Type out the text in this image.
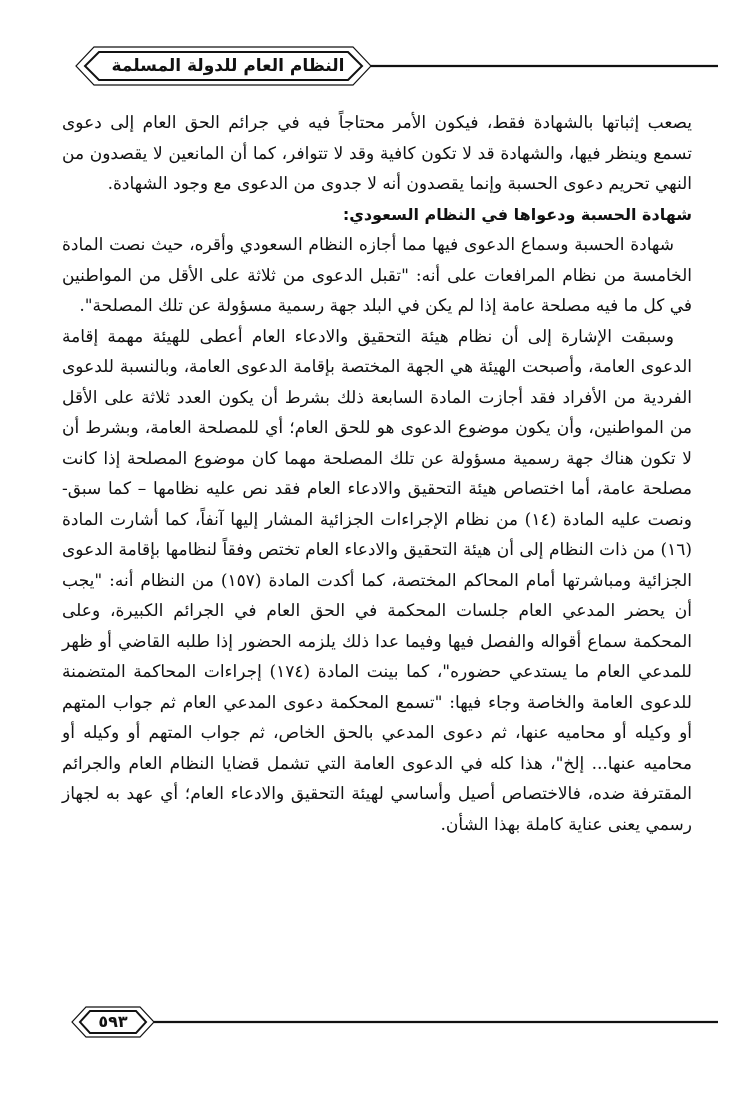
النظام العام للدولة المسلمة

يصعب إثباتها بالشهادة فقط، فيكون الأمر محتاجاً فيه في جرائم الحق العام إلى دعوى تسمع وينظر فيها، والشهادة قد لا تكون كافية وقد لا تتوافر، كما أن المانعين لا يقصدون من النهي تحريم دعوى الحسبة وإنما يقصدون أنه لا جدوى من الدعوى مع وجود الشهادة.

شهادة الحسبة ودعواها في النظام السعودي:

شهادة الحسبة وسماع الدعوى فيها مما أجازه النظام السعودي وأقره، حيث نصت المادة الخامسة من نظام المرافعات على أنه: "تقبل الدعوى من ثلاثة على الأقل من المواطنين في كل ما فيه مصلحة عامة إذا لم يكن في البلد جهة رسمية مسؤولة عن تلك المصلحة".

وسبقت الإشارة إلى أن نظام هيئة التحقيق والادعاء العام أعطى للهيئة مهمة إقامة الدعوى العامة، وأصبحت الهيئة هي الجهة المختصة بإقامة الدعوى العامة، وبالنسبة للدعوى الفردية من الأفراد فقد أجازت المادة السابعة ذلك بشرط أن يكون العدد ثلاثة على الأقل من المواطنين، وأن يكون موضوع الدعوى هو للحق العام؛ أي للمصلحة العامة، وبشرط أن لا تكون هناك جهة رسمية مسؤولة عن تلك المصلحة مهما كان موضوع المصلحة إذا كانت مصلحة عامة، أما اختصاص هيئة التحقيق والادعاء العام فقد نص عليه نظامها – كما سبق- ونصت عليه المادة (١٤) من نظام الإجراءات الجزائية المشار إليها آنفاً، كما أشارت المادة (١٦) من ذات النظام إلى أن هيئة التحقيق والادعاء العام تختص وفقاً لنظامها بإقامة الدعوى الجزائية ومباشرتها أمام المحاكم المختصة، كما أكدت المادة (١٥٧) من النظام أنه: "يجب أن يحضر المدعي العام جلسات المحكمة في الحق العام في الجرائم الكبيرة، وعلى المحكمة سماع أقواله والفصل فيها وفيما عدا ذلك يلزمه الحضور إذا طلبه القاضي أو ظهر للمدعي العام ما يستدعي حضوره"، كما بينت المادة (١٧٤) إجراءات المحاكمة المتضمنة للدعوى العامة والخاصة وجاء فيها: "تسمع المحكمة دعوى المدعي العام ثم جواب المتهم أو وكيله أو محاميه عنها، ثم دعوى المدعي بالحق الخاص، ثم جواب المتهم أو وكيله أو محاميه عنها... إلخ"، هذا كله في الدعوى العامة التي تشمل قضايا النظام العام والجرائم المقترفة ضده، فالاختصاص أصيل وأساسي لهيئة التحقيق والادعاء العام؛ أي عهد به لجهاز رسمي يعنى عناية كاملة بهذا الشأن.

٥٩٣
